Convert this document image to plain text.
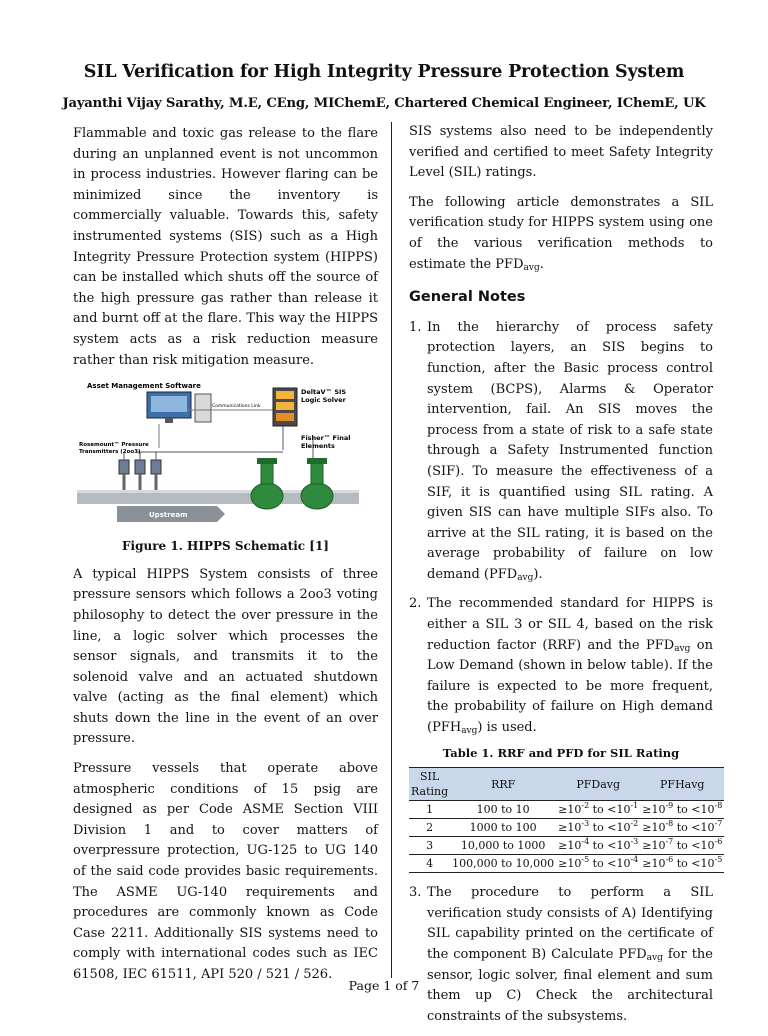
SIL Verification for High Integrity Pressure Protection System
Jayanthi Vijay Sarathy, M.E, CEng, MIChemE, Chartered Chemical Engineer, IChemE, UK

Flammable and toxic gas release to the flare during an unplanned event is not uncommon in process industries. However flaring can be minimized since the inventory is commercially valuable. Towards this, safety instrumented systems (SIS) such as a High Integrity Pressure Protection system (HIPPS) can be installed which shuts off the source of the high pressure gas rather than release it and burnt off at the flare. This way the HIPPS system acts as a risk reduction measure rather than risk mitigation measure.

Asset Management Software
Communications Link
DeltaV™ SIS
Logic Solver
Fisher™ Final
Elements
Rosemount™ Pressure
Transmitters (2oo3)
Upstream
Figure 1. HIPPS Schematic [1]

A typical HIPPS System consists of three pressure sensors which follows a 2oo3 voting philosophy to detect the over pressure in the line, a logic solver which processes the sensor signals, and transmits it to the solenoid valve and an actuated shutdown valve (acting as the final element) which shuts down the line in the event of an over pressure.

Pressure vessels that operate above atmospheric conditions of 15 psig are designed as per Code ASME Section VIII Division 1 and to cover matters of overpressure protection, UG-125 to UG 140 of the said code provides basic requirements. The ASME UG-140 requirements and procedures are commonly known as Code Case 2211. Additionally SIS systems need to comply with international codes such as IEC 61508, IEC 61511, API 520 / 521 / 526.

SIS systems also need to be independently verified and certified to meet Safety Integrity Level (SIL) ratings.

The following article demonstrates a SIL verification study for HIPPS system using one of the various verification methods to estimate the $PFD_{avg}$.

General Notes
1. In the hierarchy of process safety protection layers, an SIS begins to function, after the Basic process control system (BCPS), Alarms & Operator intervention, fail. An SIS moves the process from a state of risk to a safe state through a Safety Instrumented function (SIF). To measure the effectiveness of a SIF, it is quantified using SIL rating. A given SIS can have multiple SIFs also. To arrive at the SIL rating, it is based on the average probability of failure on low demand $(PFD_{avg})$.
2. The recommended standard for HIPPS is either a SIL 3 or SIL 4, based on the risk reduction factor (RRF) and the $PFD_{avg}$ on Low Demand (shown in below table). If the failure is expected to be more frequent, the probability of failure on High demand $(PFH_{avg})$ is used.
Table 1. RRF and PFD for SIL Rating
SIL Rating	RRF	PFDavg	PFHavg
1	100 to 10	$\ge 10^{-2}$ to $<10^{-1}$	$\ge 10^{-9}$ to $<10^{-8}$
2	1000 to 100	$\ge 10^{-3}$ to $<10^{-2}$	$\ge 10^{-8}$ to $<10^{-7}$
3	10,000 to 1000	$\ge 10^{-4}$ to $<10^{-3}$	$\ge 10^{-7}$ to $<10^{-6}$
4	100,000 to 10,000	$\ge 10^{-5}$ to $<10^{-4}$	$\ge 10^{-6}$ to $<10^{-5}$
3. The procedure to perform a SIL verification study consists of A) Identifying SIL capability printed on the certificate of the component B) Calculate $PFD_{avg}$ for the sensor, logic solver, final element and sum them up C) Check the architectural constraints of the subsystems.
Page 1 of 7
